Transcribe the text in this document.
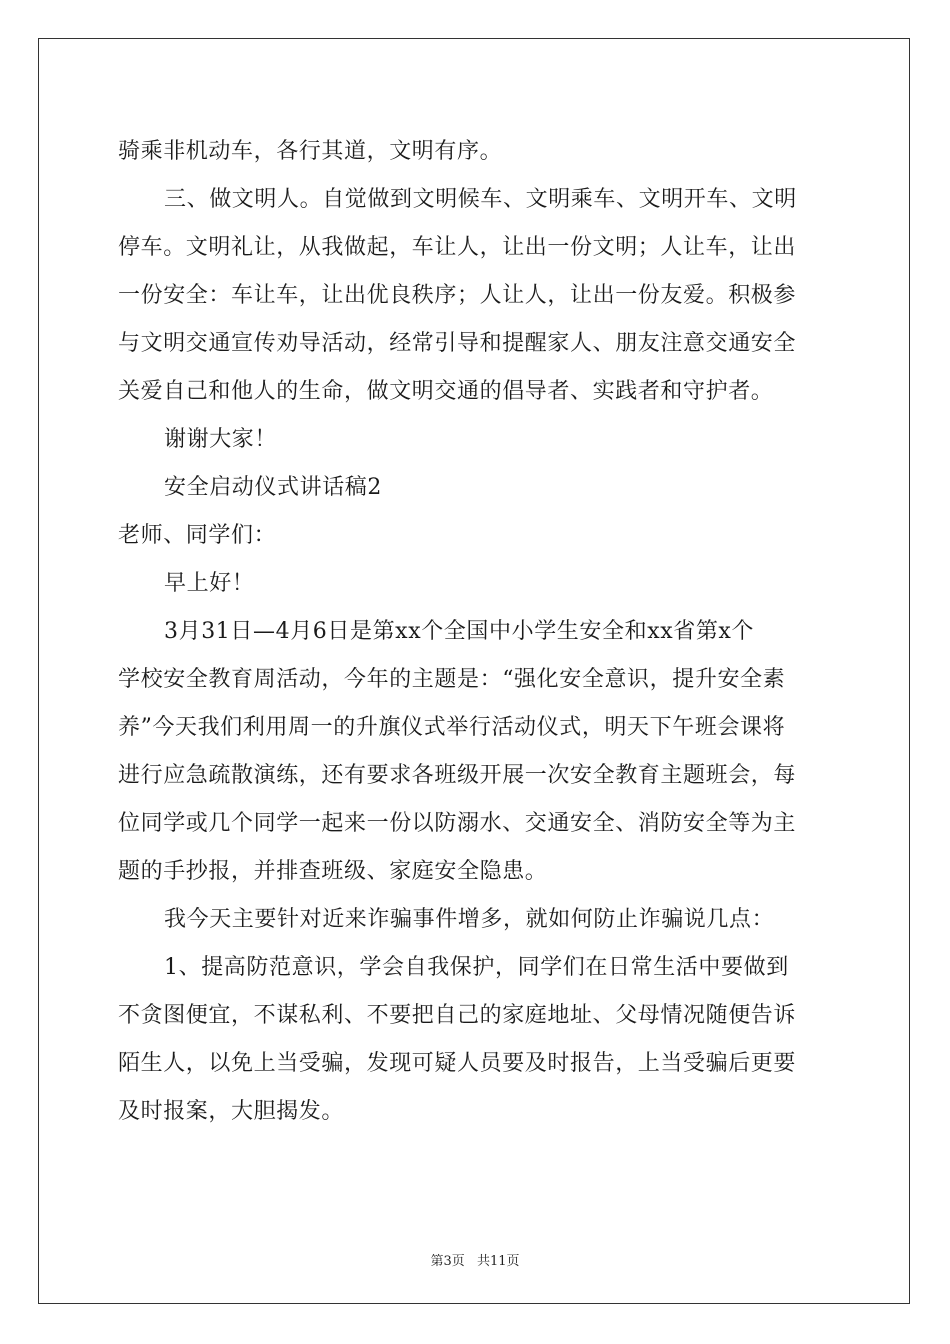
骑乘非机动车，各行其道，文明有序。
三、做文明人。自觉做到文明候车、文明乘车、文明开车、文明
停车。文明礼让，从我做起，车让人，让出一份文明；人让车，让出
一份安全：车让车，让出优良秩序；人让人，让出一份友爱。积极参
与文明交通宣传劝导活动，经常引导和提醒家人、朋友注意交通安全
关爱自己和他人的生命，做文明交通的倡导者、实践者和守护者。
谢谢大家！
安全启动仪式讲话稿2
老师、同学们：
早上好！
3月31日—4月6日是第xx个全国中小学生安全和xx省第x个
学校安全教育周活动，今年的主题是：“强化安全意识，提升安全素
养”今天我们利用周一的升旗仪式举行活动仪式，明天下午班会课将
进行应急疏散演练，还有要求各班级开展一次安全教育主题班会，每
位同学或几个同学一起来一份以防溺水、交通安全、消防安全等为主
题的手抄报，并排查班级、家庭安全隐患。
我今天主要针对近来诈骗事件增多，就如何防止诈骗说几点：
1、提高防范意识，学会自我保护，同学们在日常生活中要做到
不贪图便宜，不谋私利、不要把自己的家庭地址、父母情况随便告诉
陌生人，以免上当受骗，发现可疑人员要及时报告，上当受骗后更要
及时报案，大胆揭发。
第3页 共11页
